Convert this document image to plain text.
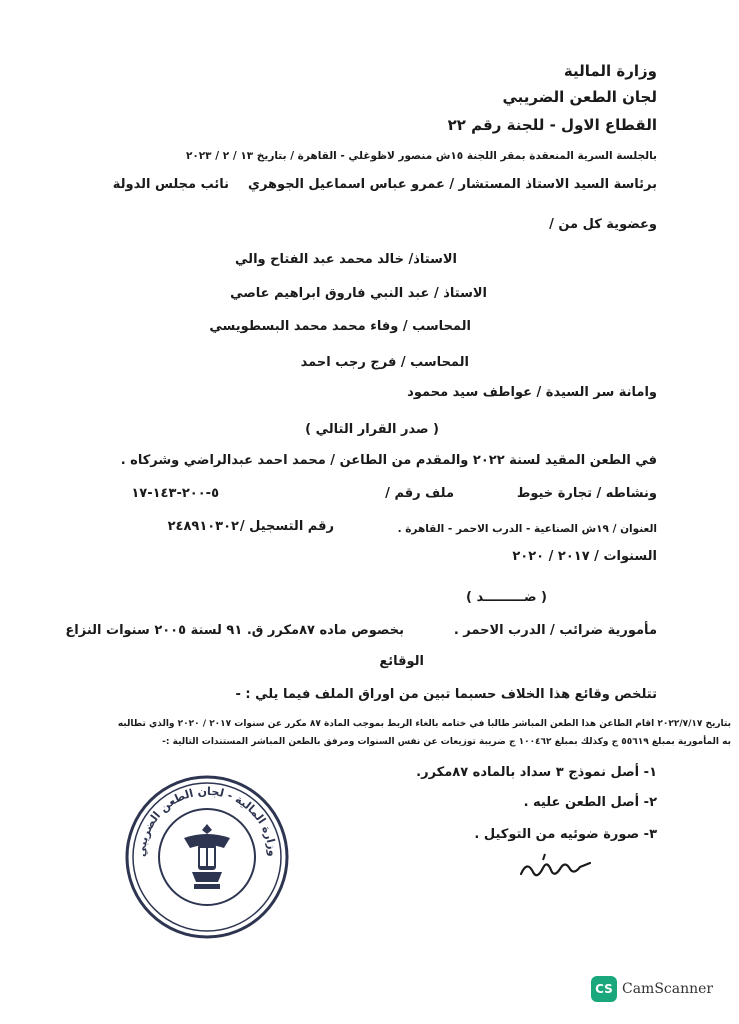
وزارة المالية
لجان الطعن الضريبي
القطاع الاول - للجنة رقم ٢٢
بالجلسة السرية المنعقدة بمقر اللجنة ١٥ش منصور لاظوغلي - القاهرة / بتاريخ ١٣ / ٢ / ٢٠٢٣
برئاسة السيد الاستاذ المستشار / عمرو عباس اسماعيل الجوهري
نائب مجلس الدولة
وعضوية كل من /
الاستاذ/ خالد محمد عبد الفتاح والي
الاستاذ / عبد النبي فاروق ابراهيم عاصي
المحاسب / وفاء محمد محمد البسطويسي
المحاسب / فرج رجب احمد
وامانة سر السيدة / عواطف سيد محمود
( صدر القرار التالي )
في الطعن المقيد لسنة ٢٠٢٢ والمقدم من الطاعن / محمد احمد عبدالراضي وشركاه .
ونشاطه / تجارة خيوط
ملف رقم /
٥-٢٠٠-١٤٣-١٧
العنوان / ١٩ش الصناعية - الدرب الاحمر - القاهرة .
رقم التسجيل /
٢٤٨٩١٠٣٠٢
السنوات / ٢٠١٧ / ٢٠٢٠
( ضـــــــــد )
مأمورية ضرائب / الدرب الاحمر .
بخصوص ماده ٨٧مكرر ق. ٩١ لسنة ٢٠٠٥ سنوات النزاع
الوقائع
تتلخص وقائع هذا الخلاف حسبما تبين من اوراق الملف فيما يلي : -
بتاريخ ٢٠٢٢/٧/١٧ اقام الطاعن هذا الطعن المباشر طالبا في ختامه بالغاء الربط بموجب المادة ٨٧ مكرر عن سنوات ٢٠١٧ / ٢٠٢٠ والذي تطالبه
به المأمورية بمبلغ ٥٥٦١٩ ج وكذلك بمبلغ ١٠٠٤٦٢ ج ضريبة توزيعات عن نفس السنوات ومرفق بالطعن المباشر المستندات التالية :-
١- أصل نموذج ٣ سداد بالماده ٨٧مكرر.
٢- أصل الطعن عليه .
٣- صورة ضوئيه من التوكيل .
وزارة المالية - لجان الطعن الضريبي
CS CamScanner
